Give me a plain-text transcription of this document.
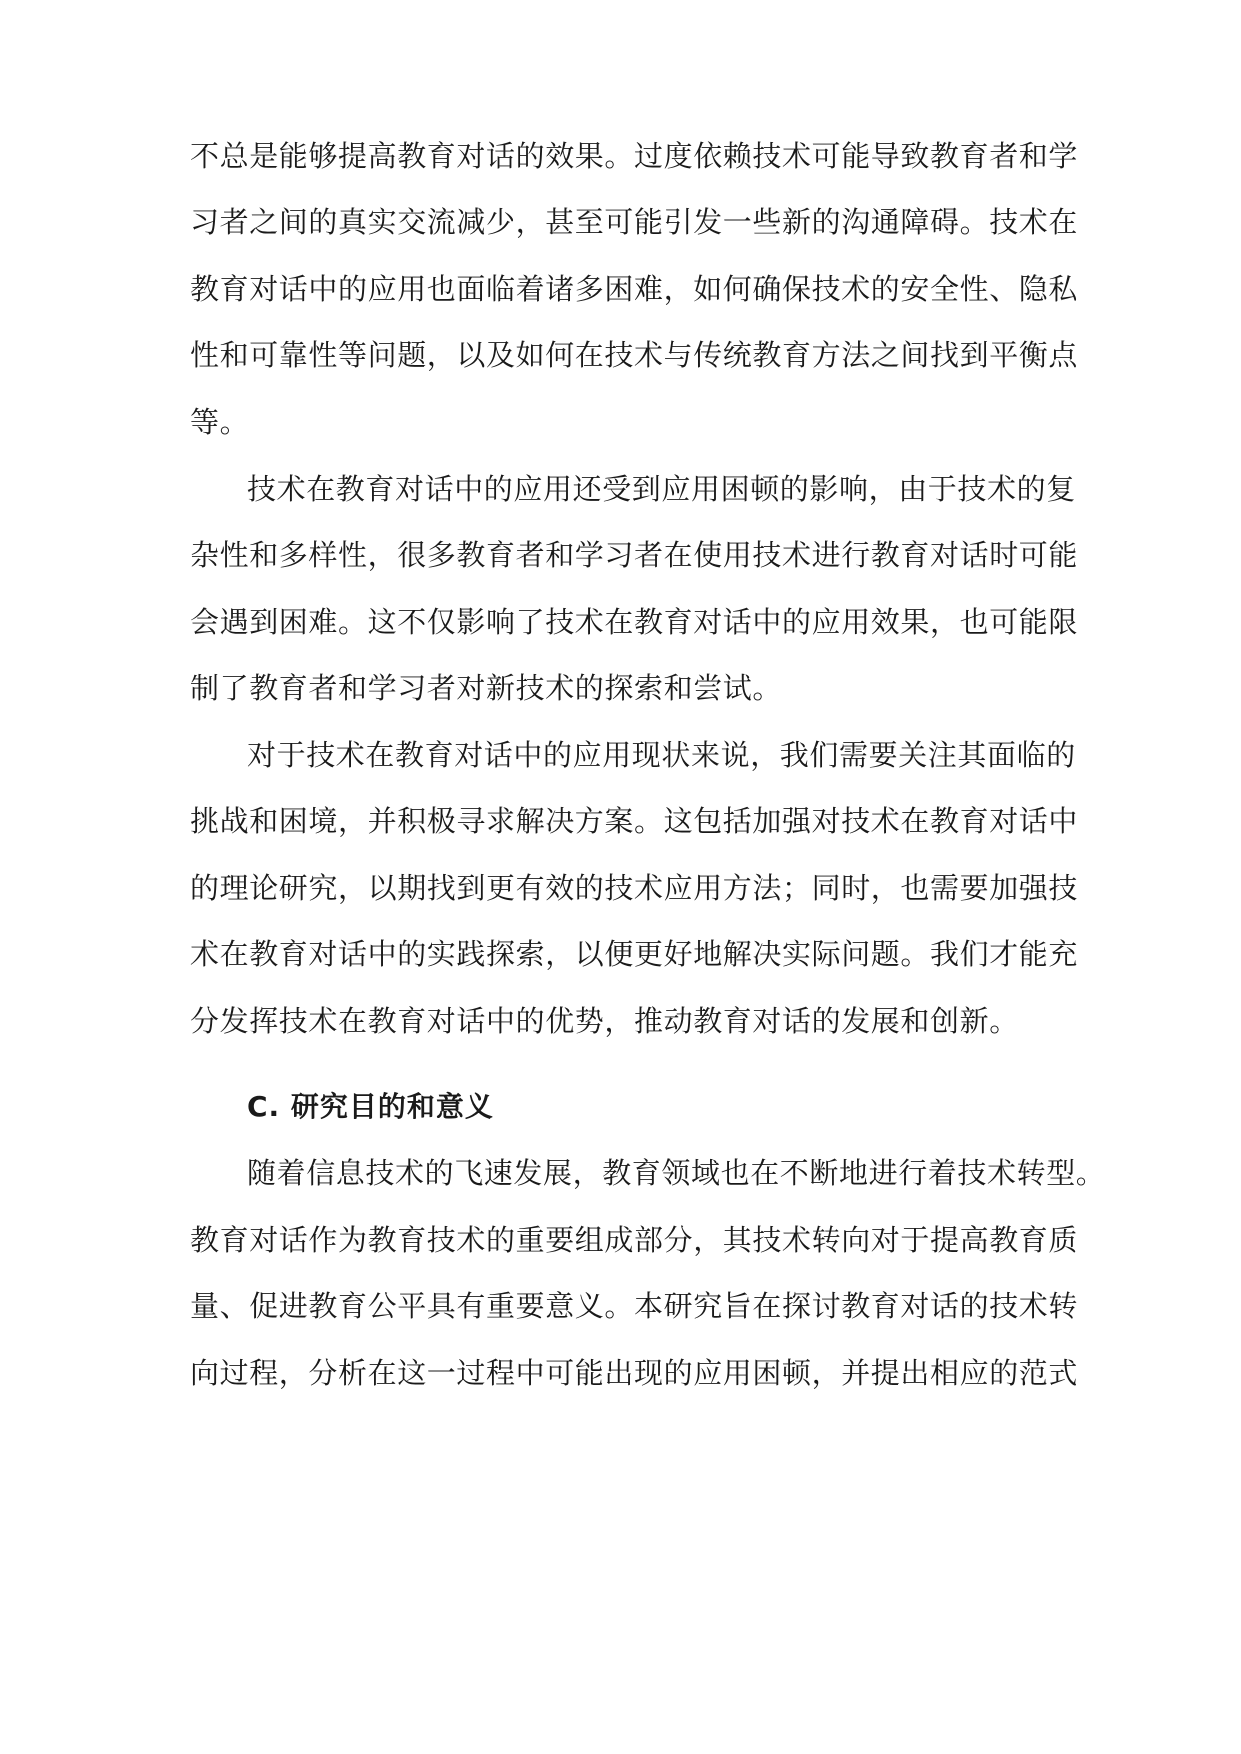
不总是能够提高教育对话的效果。过度依赖技术可能导致教育者和学
习者之间的真实交流减少，甚至可能引发一些新的沟通障碍。技术在
教育对话中的应用也面临着诸多困难，如何确保技术的安全性、隐私
性和可靠性等问题，以及如何在技术与传统教育方法之间找到平衡点
等。
技术在教育对话中的应用还受到应用困顿的影响，由于技术的复
杂性和多样性，很多教育者和学习者在使用技术进行教育对话时可能
会遇到困难。这不仅影响了技术在教育对话中的应用效果，也可能限
制了教育者和学习者对新技术的探索和尝试。
对于技术在教育对话中的应用现状来说，我们需要关注其面临的
挑战和困境，并积极寻求解决方案。这包括加强对技术在教育对话中
的理论研究，以期找到更有效的技术应用方法；同时，也需要加强技
术在教育对话中的实践探索，以便更好地解决实际问题。我们才能充
分发挥技术在教育对话中的优势，推动教育对话的发展和创新。
C. 研究目的和意义
随着信息技术的飞速发展，教育领域也在不断地进行着技术转型。
教育对话作为教育技术的重要组成部分，其技术转向对于提高教育质
量、促进教育公平具有重要意义。本研究旨在探讨教育对话的技术转
向过程，分析在这一过程中可能出现的应用困顿，并提出相应的范式
